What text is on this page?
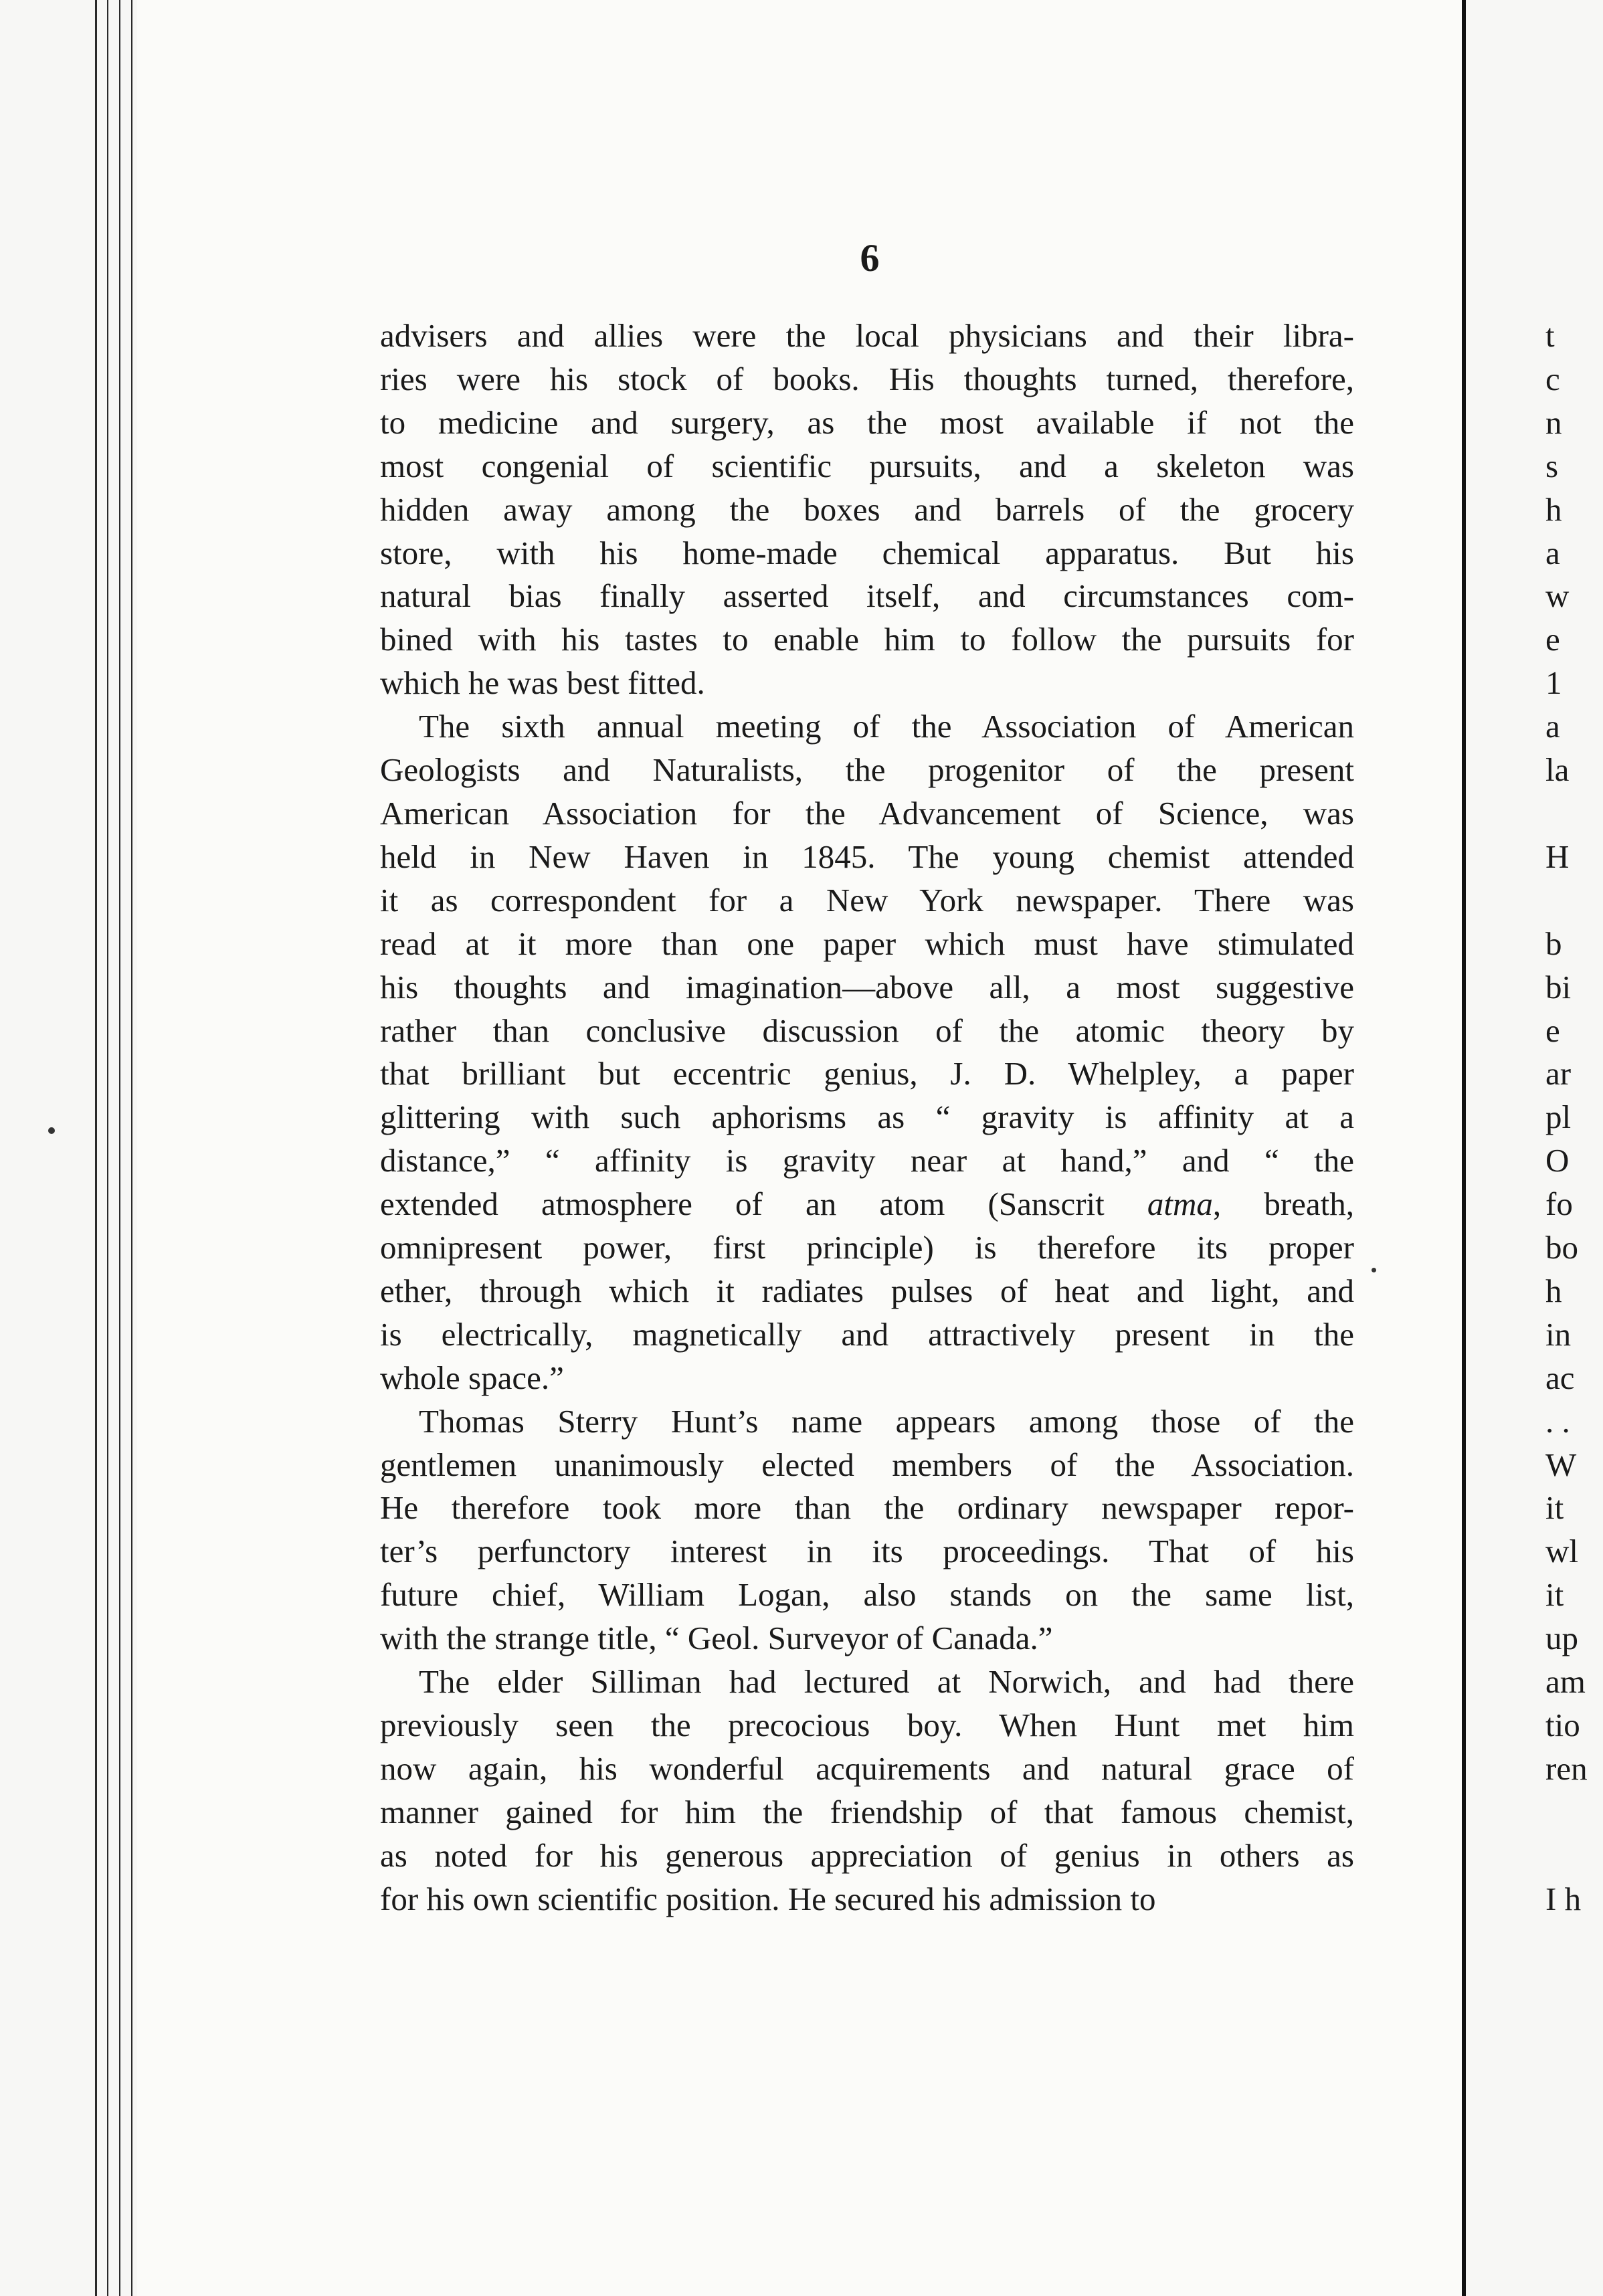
6
advisers and allies were the local physicians and their libra-
ries were his stock of books. His thoughts turned, therefore,
to medicine and surgery, as the most available if not the
most congenial of scientific pursuits, and a skeleton was
hidden away among the boxes and barrels of the grocery
store, with his home-made chemical apparatus. But his
natural bias finally asserted itself, and circumstances com-
bined with his tastes to enable him to follow the pursuits for
which he was best fitted.
The sixth annual meeting of the Association of American
Geologists and Naturalists, the progenitor of the present
American Association for the Advancement of Science, was
held in New Haven in 1845. The young chemist attended
it as correspondent for a New York newspaper. There was
read at it more than one paper which must have stimulated
his thoughts and imagination—above all, a most suggestive
rather than conclusive discussion of the atomic theory by
that brilliant but eccentric genius, J. D. Whelpley, a paper
glittering with such aphorisms as “ gravity is affinity at a
distance,” “ affinity is gravity near at hand,” and “ the
extended atmosphere of an atom (Sanscrit atma, breath,
omnipresent power, first principle) is therefore its proper
ether, through which it radiates pulses of heat and light, and
is electrically, magnetically and attractively present in the
whole space.”
Thomas Sterry Hunt’s name appears among those of the
gentlemen unanimously elected members of the Association.
He therefore took more than the ordinary newspaper repor-
ter’s perfunctory interest in its proceedings. That of his
future chief, William Logan, also stands on the same list,
with the strange title, “ Geol. Surveyor of Canada.”
The elder Silliman had lectured at Norwich, and had there
previously seen the precocious boy. When Hunt met him
now again, his wonderful acquirements and natural grace of
manner gained for him the friendship of that famous chemist,
as noted for his generous appreciation of genius in others as
for his own scientific position. He secured his admission to
t
c
n
s
h
a
w
e
1
a
la

H

b
bi
e
ar
pl
O
fo
bo
h
in
ac
. .
W
it
wl
it
up
am
tio
ren

I h
